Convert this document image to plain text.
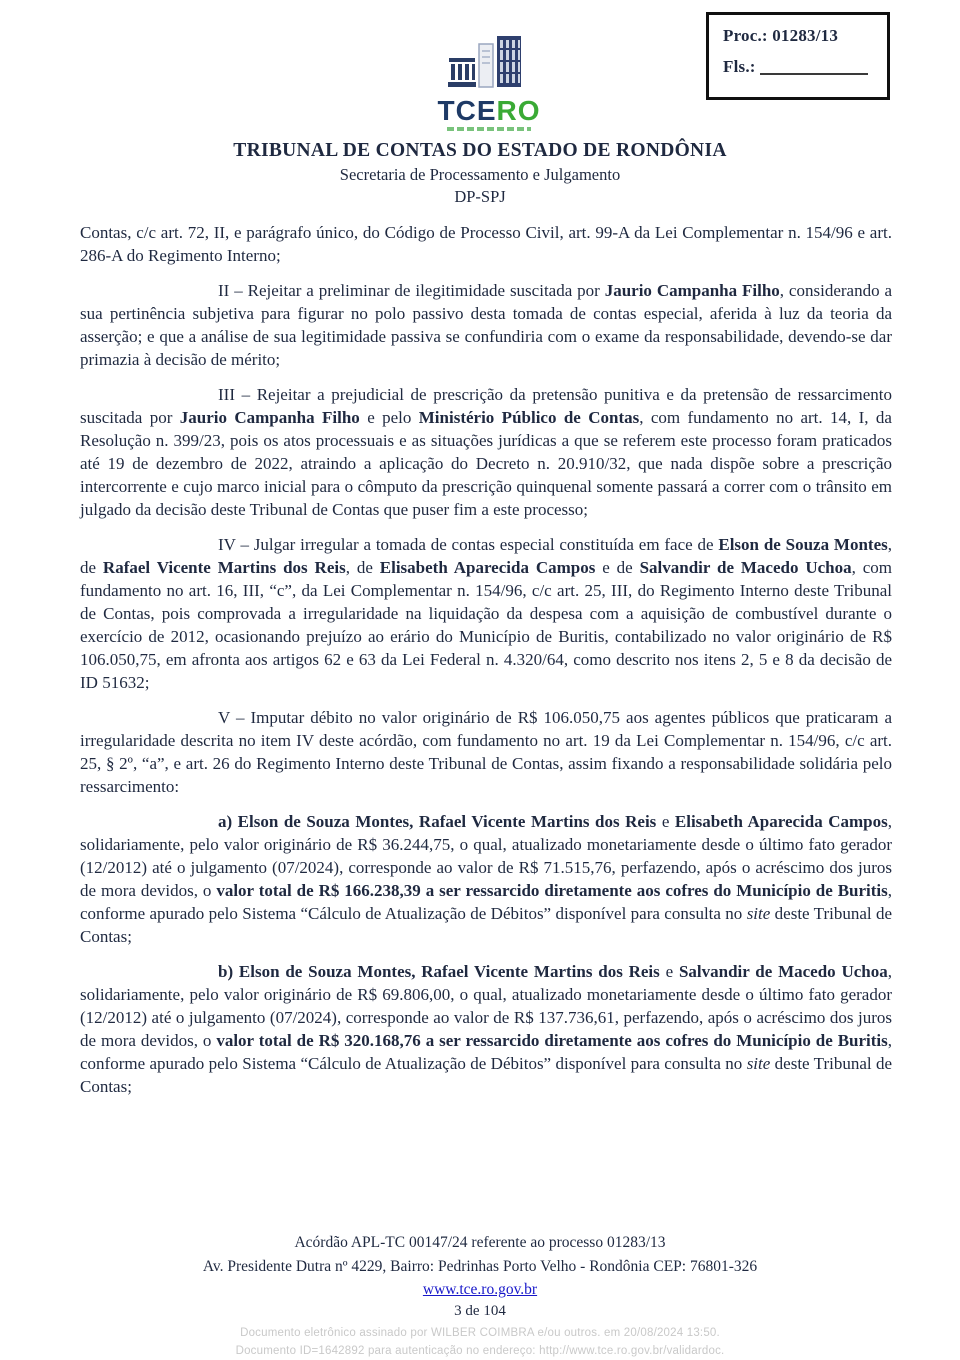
Proc.: 01283/13
Fls.:
TCERO
TRIBUNAL DE CONTAS DO ESTADO DE RONDÔNIA
Secretaria de Processamento e Julgamento
DP-SPJ

Contas, c/c art. 72, II, e parágrafo único, do Código de Processo Civil, art. 99-A da Lei Complementar n. 154/96 e art. 286-A do Regimento Interno;

II – Rejeitar a preliminar de ilegitimidade suscitada por Jaurio Campanha Filho, considerando a sua pertinência subjetiva para figurar no polo passivo desta tomada de contas especial, aferida à luz da teoria da asserção; e que a análise de sua legitimidade passiva se confundiria com o exame da responsabilidade, devendo-se dar primazia à decisão de mérito;

III – Rejeitar a prejudicial de prescrição da pretensão punitiva e da pretensão de ressarcimento suscitada por Jaurio Campanha Filho e pelo Ministério Público de Contas, com fundamento no art. 14, I, da Resolução n. 399/23, pois os atos processuais e as situações jurídicas a que se referem este processo foram praticados até 19 de dezembro de 2022, atraindo a aplicação do Decreto n. 20.910/32, que nada dispõe sobre a prescrição intercorrente e cujo marco inicial para o cômputo da prescrição quinquenal somente passará a correr com o trânsito em julgado da decisão deste Tribunal de Contas que puser fim a este processo;

IV – Julgar irregular a tomada de contas especial constituída em face de Elson de Souza Montes, de Rafael Vicente Martins dos Reis, de Elisabeth Aparecida Campos e de Salvandir de Macedo Uchoa, com fundamento no art. 16, III, “c”, da Lei Complementar n. 154/96, c/c art. 25, III, do Regimento Interno deste Tribunal de Contas, pois comprovada a irregularidade na liquidação da despesa com a aquisição de combustível durante o exercício de 2012, ocasionando prejuízo ao erário do Município de Buritis, contabilizado no valor originário de R$ 106.050,75, em afronta aos artigos 62 e 63 da Lei Federal n. 4.320/64, como descrito nos itens 2, 5 e 8 da decisão de ID 51632;

V – Imputar débito no valor originário de R$ 106.050,75 aos agentes públicos que praticaram a irregularidade descrita no item IV deste acórdão, com fundamento no art. 19 da Lei Complementar n. 154/96, c/c art. 25, § 2º, “a”, e art. 26 do Regimento Interno deste Tribunal de Contas, assim fixando a responsabilidade solidária pelo ressarcimento:

a) Elson de Souza Montes, Rafael Vicente Martins dos Reis e Elisabeth Aparecida Campos, solidariamente, pelo valor originário de R$ 36.244,75, o qual, atualizado monetariamente desde o último fato gerador (12/2012) até o julgamento (07/2024), corresponde ao valor de R$ 71.515,76, perfazendo, após o acréscimo dos juros de mora devidos, o valor total de R$ 166.238,39 a ser ressarcido diretamente aos cofres do Município de Buritis, conforme apurado pelo Sistema “Cálculo de Atualização de Débitos” disponível para consulta no site deste Tribunal de Contas;

b) Elson de Souza Montes, Rafael Vicente Martins dos Reis e Salvandir de Macedo Uchoa, solidariamente, pelo valor originário de R$ 69.806,00, o qual, atualizado monetariamente desde o último fato gerador (12/2012) até o julgamento (07/2024), corresponde ao valor de R$ 137.736,61, perfazendo, após o acréscimo dos juros de mora devidos, o valor total de R$ 320.168,76 a ser ressarcido diretamente aos cofres do Município de Buritis, conforme apurado pelo Sistema “Cálculo de Atualização de Débitos” disponível para consulta no site deste Tribunal de Contas;

Acórdão APL-TC 00147/24 referente ao processo 01283/13
Av. Presidente Dutra nº 4229, Bairro: Pedrinhas Porto Velho - Rondônia CEP: 76801-326
www.tce.ro.gov.br
3 de 104
Documento eletrônico assinado por WILBER COIMBRA e/ou outros. em 20/08/2024 13:50.
Documento ID=1642892 para autenticação no endereço: http://www.tce.ro.gov.br/validardoc.
